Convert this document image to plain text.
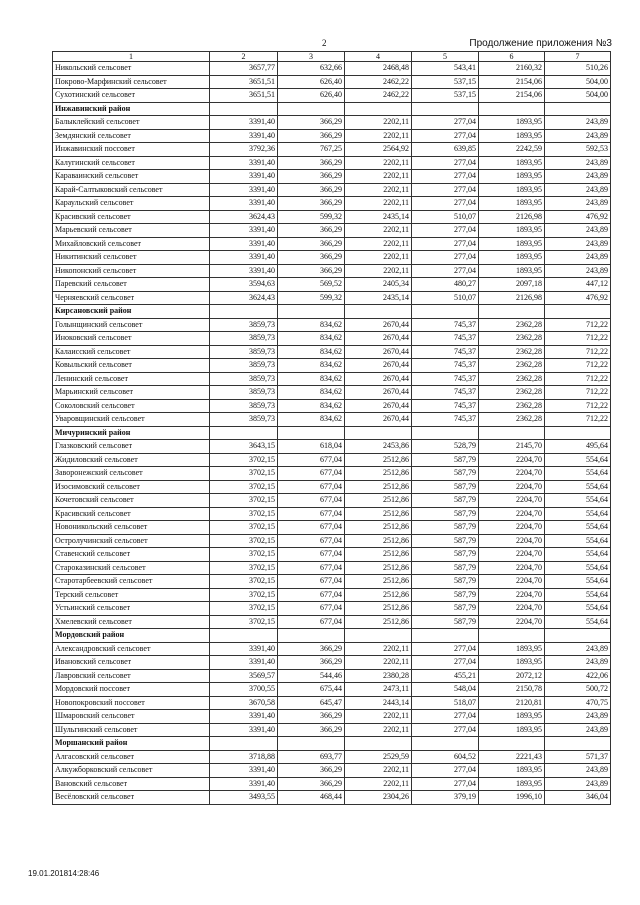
2	Продолжение приложения №3
1	2	3	4	5	6	7
Никольский сельсовет	3657,77	632,66	2468,48	543,41	2160,32	510,26
Покрово-Марфинский сельсовет	3651,51	626,40	2462,22	537,15	2154,06	504,00
Сухотинский сельсовет	3651,51	626,40	2462,22	537,15	2154,06	504,00
Инжавинский район						
Балыклейский сельсовет	3391,40	366,29	2202,11	277,04	1893,95	243,89
Земдянский сельсовет	3391,40	366,29	2202,11	277,04	1893,95	243,89
Инжавинский поссовет	3792,36	767,25	2564,92	639,85	2242,59	592,53
Калугинский сельсовет	3391,40	366,29	2202,11	277,04	1893,95	243,89
Караваинский сельсовет	3391,40	366,29	2202,11	277,04	1893,95	243,89
Карай-Салтыковский сельсовет	3391,40	366,29	2202,11	277,04	1893,95	243,89
Караульский сельсовет	3391,40	366,29	2202,11	277,04	1893,95	243,89
Красивский сельсовет	3624,43	599,32	2435,14	510,07	2126,98	476,92
Марьевский сельсовет	3391,40	366,29	2202,11	277,04	1893,95	243,89
Михайловский сельсовет	3391,40	366,29	2202,11	277,04	1893,95	243,89
Никитинский сельсовет	3391,40	366,29	2202,11	277,04	1893,95	243,89
Никопонский сельсовет	3391,40	366,29	2202,11	277,04	1893,95	243,89
Паревский сельсовет	3594,63	569,52	2405,34	480,27	2097,18	447,12
Черняевский сельсовет	3624,43	599,32	2435,14	510,07	2126,98	476,92
Кирсановский район						
Голынщинский сельсовет	3859,73	834,62	2670,44	745,37	2362,28	712,22
Иноковский сельсовет	3859,73	834,62	2670,44	745,37	2362,28	712,22
Калаисский сельсовет	3859,73	834,62	2670,44	745,37	2362,28	712,22
Ковыльский сельсовет	3859,73	834,62	2670,44	745,37	2362,28	712,22
Ленинский сельсовет	3859,73	834,62	2670,44	745,37	2362,28	712,22
Марьинский сельсовет	3859,73	834,62	2670,44	745,37	2362,28	712,22
Соколовский сельсовет	3859,73	834,62	2670,44	745,37	2362,28	712,22
Уваровщинский сельсовет	3859,73	834,62	2670,44	745,37	2362,28	712,22
Мичуринский район						
Глазковский сельсовет	3643,15	618,04	2453,86	528,79	2145,70	495,64
Жидиловский сельсовет	3702,15	677,04	2512,86	587,79	2204,70	554,64
Заворонежский сельсовет	3702,15	677,04	2512,86	587,79	2204,70	554,64
Изосимовский сельсовет	3702,15	677,04	2512,86	587,79	2204,70	554,64
Кочетовский сельсовет	3702,15	677,04	2512,86	587,79	2204,70	554,64
Красивский сельсовет	3702,15	677,04	2512,86	587,79	2204,70	554,64
Новоникольский сельсовет	3702,15	677,04	2512,86	587,79	2204,70	554,64
Остролучинский сельсовет	3702,15	677,04	2512,86	587,79	2204,70	554,64
Ставенский сельсовет	3702,15	677,04	2512,86	587,79	2204,70	554,64
Староказинский сельсовет	3702,15	677,04	2512,86	587,79	2204,70	554,64
Старотарбеевский сельсовет	3702,15	677,04	2512,86	587,79	2204,70	554,64
Терский сельсовет	3702,15	677,04	2512,86	587,79	2204,70	554,64
Устьинский сельсовет	3702,15	677,04	2512,86	587,79	2204,70	554,64
Хмелевский сельсовет	3702,15	677,04	2512,86	587,79	2204,70	554,64
Мордовский район						
Александровский сельсовет	3391,40	366,29	2202,11	277,04	1893,95	243,89
Ивановский сельсовет	3391,40	366,29	2202,11	277,04	1893,95	243,89
Лавровский сельсовет	3569,57	544,46	2380,28	455,21	2072,12	422,06
Мордовский поссовет	3700,55	675,44	2473,11	548,04	2150,78	500,72
Новопокровский поссовет	3670,58	645,47	2443,14	518,07	2120,81	470,75
Шмаровский сельсовет	3391,40	366,29	2202,11	277,04	1893,95	243,89
Шульгинский сельсовет	3391,40	366,29	2202,11	277,04	1893,95	243,89
Моршанский район						
Алгасовский сельсовет	3718,88	693,77	2529,59	604,52	2221,43	571,37
Алкужборковский сельсовет	3391,40	366,29	2202,11	277,04	1893,95	243,89
Вановский сельсовет	3391,40	366,29	2202,11	277,04	1893,95	243,89
Весёловский сельсовет	3493,55	468,44	2304,26	379,19	1996,10	346,04
19.01.201814:28:46
